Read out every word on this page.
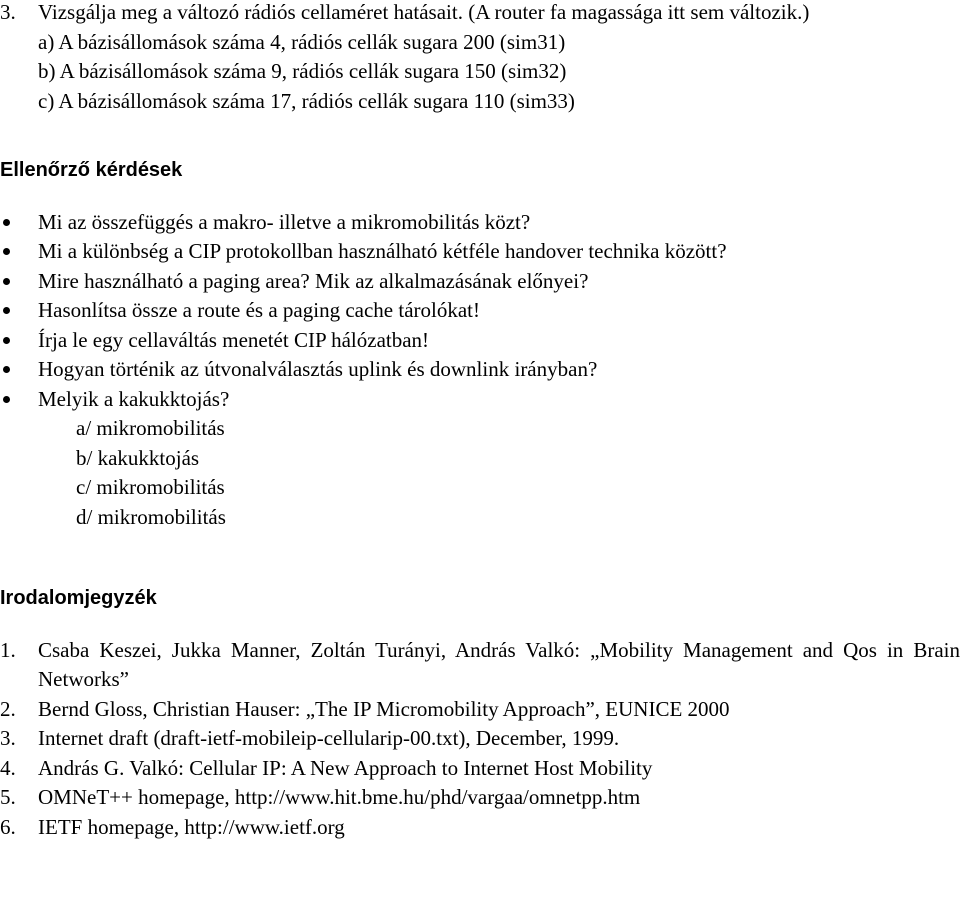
3. Vizsgálja meg a változó rádiós cellaméret hatásait. (A router fa magassága itt sem változik.)
a) A bázisállomások száma 4, rádiós cellák sugara 200 (sim31)
b) A bázisállomások száma 9, rádiós cellák sugara 150 (sim32)
c) A bázisállomások száma 17, rádiós cellák sugara 110 (sim33)
Ellenőrző kérdések
Mi az összefüggés a makro- illetve a mikromobilitás közt?
Mi a különbség a CIP protokollban használható kétféle handover technika között?
Mire használható a paging area? Mik az alkalmazásának előnyei?
Hasonlítsa össze a route és a paging cache tárolókat!
Írja le egy cellaváltás menetét CIP hálózatban!
Hogyan történik az útvonalválasztás uplink és downlink irányban?
Melyik a kakukktojás?
a/ mikromobilitás
b/ kakukktojás
c/ mikromobilitás
d/ mikromobilitás
Irodalomjegyzék
1. Csaba Keszei, Jukka Manner, Zoltán Turányi, András Valkó: „Mobility Management and Qos in Brain Networks”
2. Bernd Gloss, Christian Hauser: „The IP Micromobility Approach”, EUNICE 2000
3. Internet draft (draft-ietf-mobileip-cellularip-00.txt), December, 1999.
4. András G. Valkó: Cellular IP: A New Approach to Internet Host Mobility
5. OMNeT++ homepage, http://www.hit.bme.hu/phd/vargaa/omnetpp.htm
6. IETF homepage, http://www.ietf.org
